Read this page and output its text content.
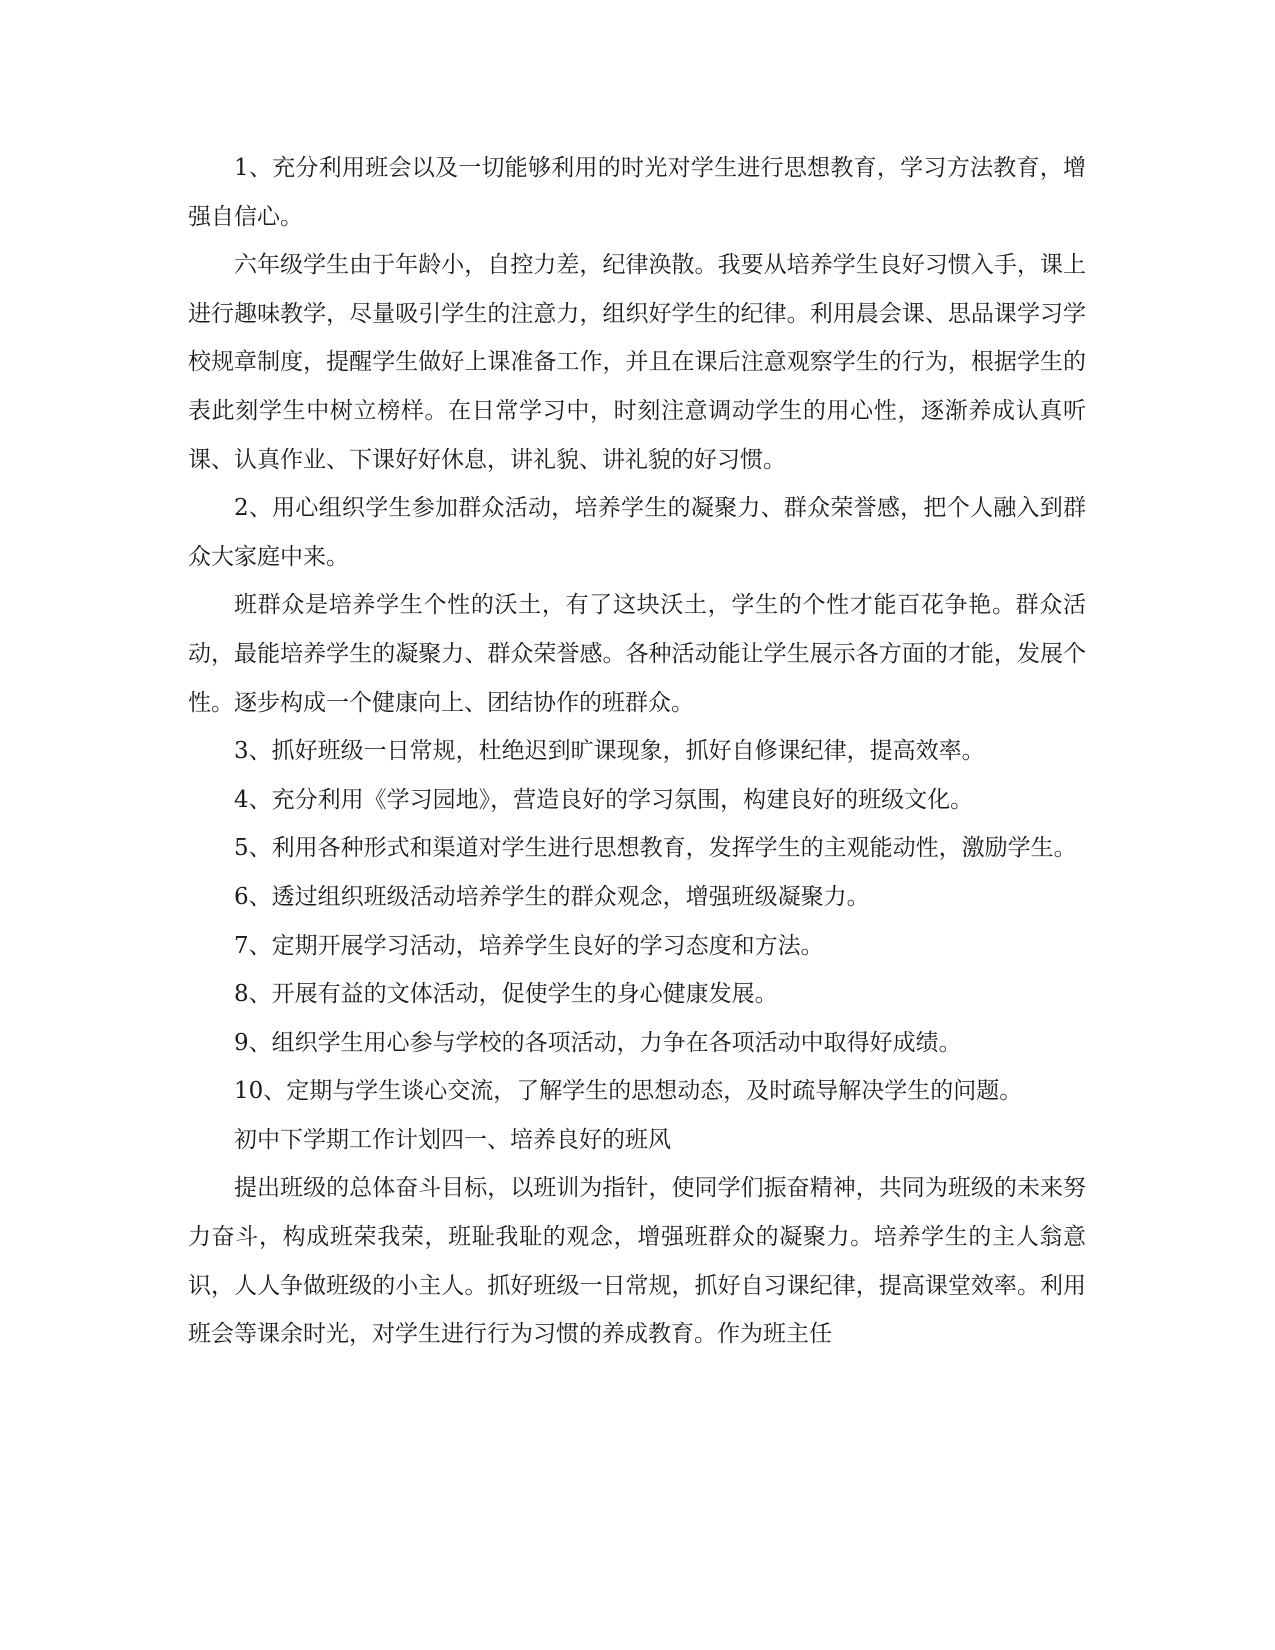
1、充分利用班会以及一切能够利用的时光对学生进行思想教育，学习方法教育，增强自信心。

六年级学生由于年龄小，自控力差，纪律涣散。我要从培养学生良好习惯入手，课上进行趣味教学，尽量吸引学生的注意力，组织好学生的纪律。利用晨会课、思品课学习学校规章制度，提醒学生做好上课准备工作，并且在课后注意观察学生的行为，根据学生的表此刻学生中树立榜样。在日常学习中，时刻注意调动学生的用心性，逐渐养成认真听课、认真作业、下课好好休息，讲礼貌、讲礼貌的好习惯。

2、用心组织学生参加群众活动，培养学生的凝聚力、群众荣誉感，把个人融入到群众大家庭中来。

班群众是培养学生个性的沃土，有了这块沃土，学生的个性才能百花争艳。群众活动，最能培养学生的凝聚力、群众荣誉感。各种活动能让学生展示各方面的才能，发展个性。逐步构成一个健康向上、团结协作的班群众。

3、抓好班级一日常规，杜绝迟到旷课现象，抓好自修课纪律，提高效率。

4、充分利用《学习园地》，营造良好的学习氛围，构建良好的班级文化。

5、利用各种形式和渠道对学生进行思想教育，发挥学生的主观能动性，激励学生。

6、透过组织班级活动培养学生的群众观念，增强班级凝聚力。

7、定期开展学习活动，培养学生良好的学习态度和方法。

8、开展有益的文体活动，促使学生的身心健康发展。

9、组织学生用心参与学校的各项活动，力争在各项活动中取得好成绩。

10、定期与学生谈心交流，了解学生的思想动态，及时疏导解决学生的问题。

初中下学期工作计划四一、培养良好的班风

提出班级的总体奋斗目标，以班训为指针，使同学们振奋精神，共同为班级的未来努力奋斗，构成班荣我荣，班耻我耻的观念，增强班群众的凝聚力。培养学生的主人翁意识，人人争做班级的小主人。抓好班级一日常规，抓好自习课纪律，提高课堂效率。利用班会等课余时光，对学生进行行为习惯的养成教育。作为班主任
